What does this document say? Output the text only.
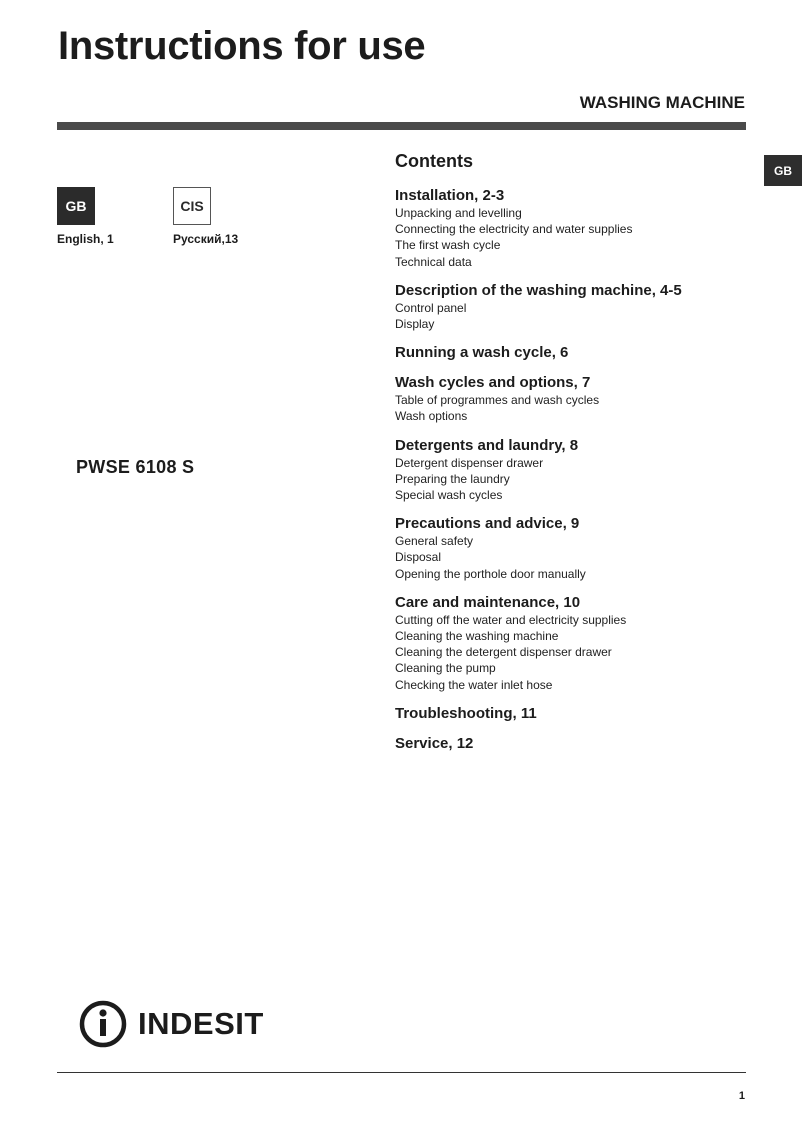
Instructions for use
WASHING MACHINE
GB
GB
English, 1
CIS
Русский,13
PWSE 6108 S
Contents
Installation, 2-3
Unpacking and levelling
Connecting the electricity and water supplies
The first wash cycle
Technical data
Description of the washing machine, 4-5
Control panel
Display
Running a wash cycle, 6
Wash cycles and options, 7
Table of programmes and wash cycles
Wash options
Detergents and laundry, 8
Detergent dispenser drawer
Preparing the laundry
Special wash cycles
Precautions and advice, 9
General safety
Disposal
Opening the porthole door manually
Care and maintenance, 10
Cutting off the water and electricity supplies
Cleaning the washing machine
Cleaning the detergent dispenser drawer
Cleaning the pump
Checking the water inlet hose
Troubleshooting, 11
Service, 12
INDESIT
1
